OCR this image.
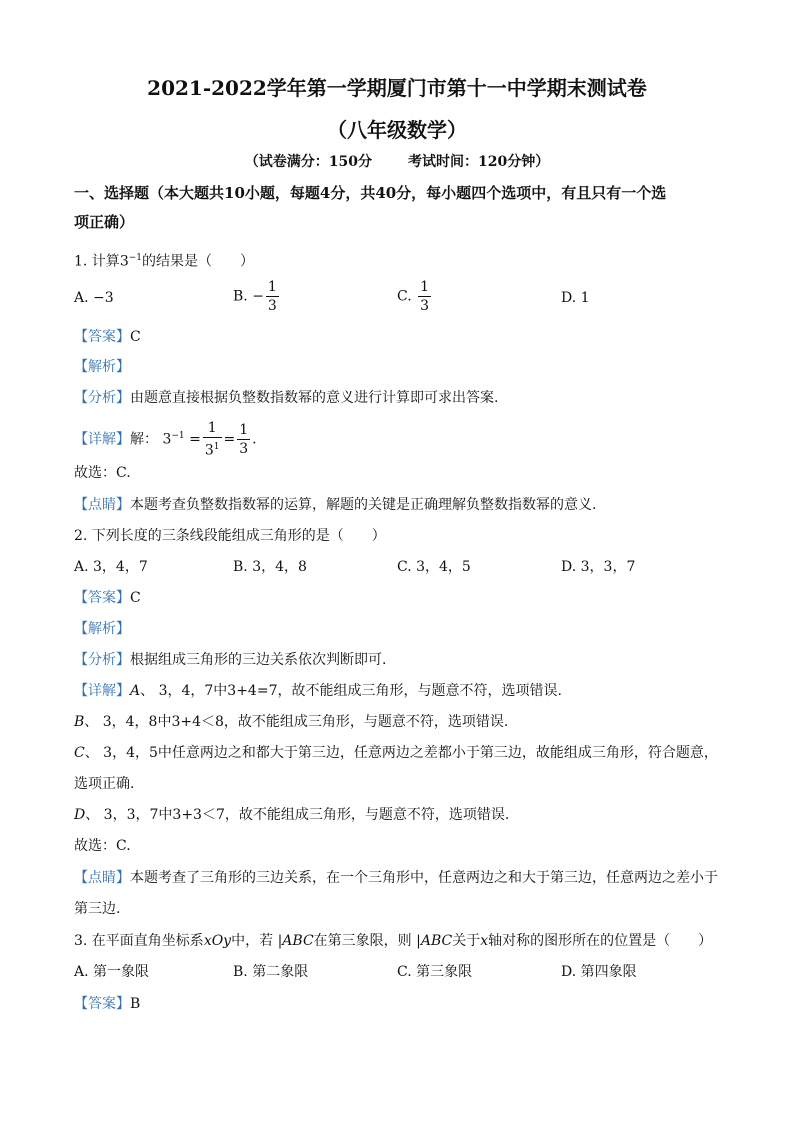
2021-2022学年第一学期厦门市第十一中学期末测试卷
（八年级数学）
（试卷满分：150分	考试时间：120分钟）
一、选择题（本大题共10小题，每题4分，共40分，每小题四个选项中，有且只有一个选
项正确）
1. 计算$3^{-1}$的结果是（　　）
A. −3	B. − $\frac{1}{3}$	C. $\frac{1}{3}$	D. 1
【答案】C
【解析】
【分析】由题意直接根据负整数指数幂的意义进行计算即可求出答案.
【详解】解： $3^{-1} = \frac{1}{3^1} = \frac{1}{3}$ .
故选：C.
【点睛】本题考查负整数指数幂的运算，解题的关键是正确理解负整数指数幂的意义.
2. 下列长度的三条线段能组成三角形的是（　　）
A. 3，4，7	B. 3，4，8	C. 3，4，5	D. 3，3，7
【答案】C
【解析】
【分析】根据组成三角形的三边关系依次判断即可.
【详解】A、 3，4，7中3+4=7，故不能组成三角形，与题意不符，选项错误.
B、 3，4，8中3+4＜8，故不能组成三角形，与题意不符，选项错误.
C、 3，4，5中任意两边之和都大于第三边，任意两边之差都小于第三边，故能组成三角形，符合题意，
选项正确.
D、 3，3，7中3+3＜7，故不能组成三角形，与题意不符，选项错误.
故选：C.
【点睛】本题考查了三角形的三边关系，在一个三角形中，任意两边之和大于第三边，任意两边之差小于
第三边.
3. 在平面直角坐标系xOy中，若 |ABC在第三象限，则 |ABC关于x轴对称的图形所在的位置是（　　）
A. 第一象限	B. 第二象限	C. 第三象限	D. 第四象限
【答案】B
